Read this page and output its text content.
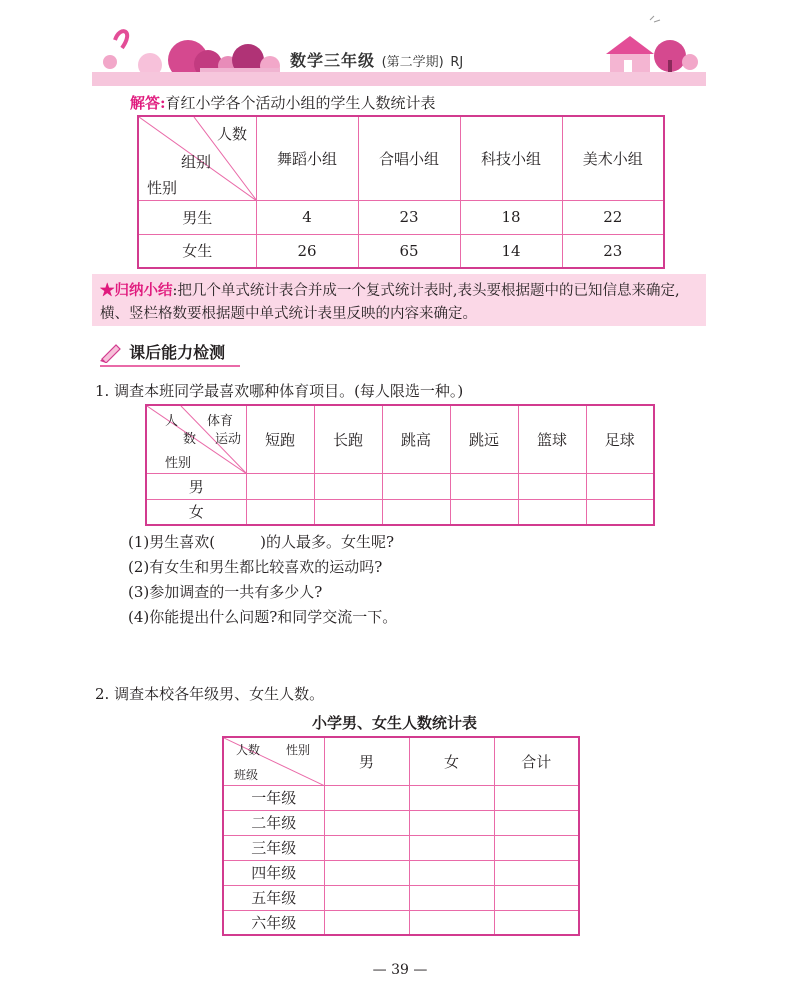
数学三年级 (第二学期) RJ
解答:育红小学各个活动小组的学生人数统计表
人数
组别
性别	舞蹈小组	合唱小组	科技小组	美术小组
男生	4	23	18	22
女生	26	65	14	23
★归纳小结:把几个单式统计表合并成一个复式统计表时,表头要根据题中的已知信息来确定,横、竖栏格数要根据题中单式统计表里反映的内容来确定。
课后能力检测
1. 调查本班同学最喜欢哪种体育项目。(每人限选一种。)
人 体育
数 运动
性别	短跑	长跑	跳高	跳远	篮球	足球
男						
女						
(1)男生喜欢(　　　)的人最多。女生呢?
(2)有女生和男生都比较喜欢的运动吗?
(3)参加调查的一共有多少人?
(4)你能提出什么问题?和同学交流一下。
2. 调查本校各年级男、女生人数。
小学男、女生人数统计表
人数 性别
班级	男	女	合计
一年级			
二年级			
三年级			
四年级			
五年级			
六年级			
— 39 —
